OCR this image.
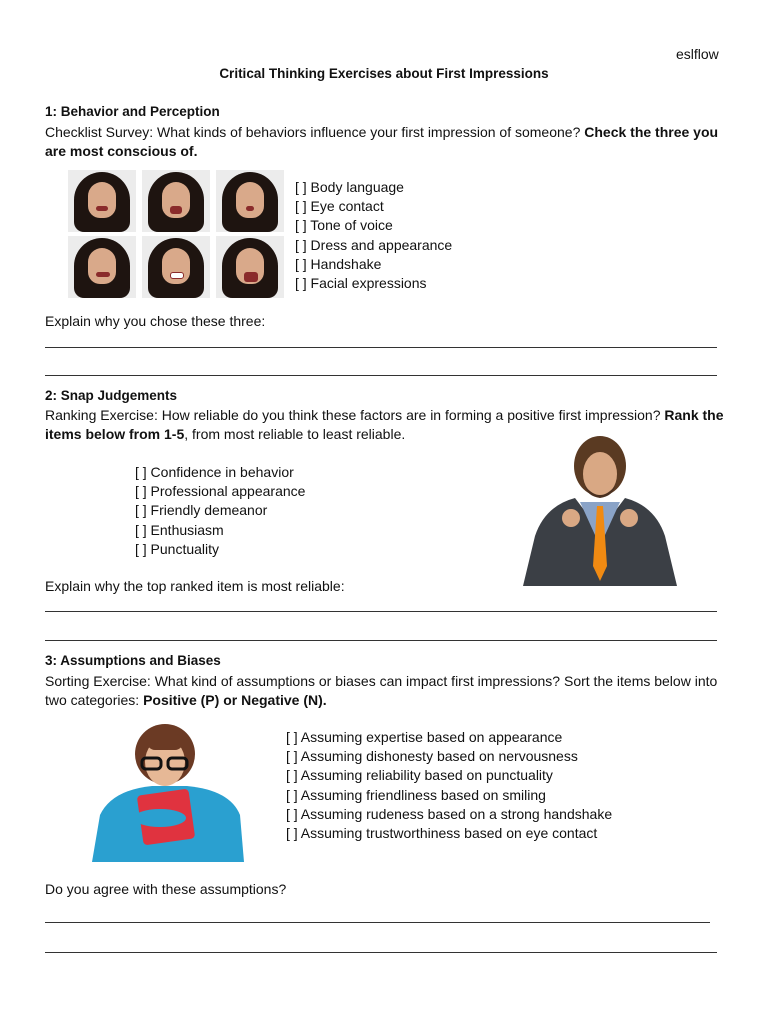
eslflow
Critical Thinking Exercises about First Impressions
1: Behavior and Perception
Checklist Survey: What kinds of behaviors influence your first impression of someone? Check the three you are most conscious of.
[ ] Body language
[ ] Eye contact
[ ] Tone of voice
[ ] Dress and appearance
[ ] Handshake
[ ] Facial expressions
Explain why you chose these three:
2: Snap Judgements
Ranking Exercise: How reliable do you think these factors are in forming a positive first impression? Rank the items below from 1-5, from most reliable to least reliable.
[ ] Confidence in behavior
[ ] Professional appearance
[ ] Friendly demeanor
[ ] Enthusiasm
[ ] Punctuality
Explain why the top ranked item is most reliable:
3: Assumptions and Biases
Sorting Exercise: What kind of assumptions or biases can impact first impressions? Sort the items below into two categories: Positive (P) or Negative (N).
[ ] Assuming expertise based on appearance
[ ] Assuming dishonesty based on nervousness
[ ] Assuming reliability based on punctuality
[ ] Assuming friendliness based on smiling
[ ] Assuming rudeness based on a strong handshake
[ ] Assuming trustworthiness based on eye contact
Do you agree with these assumptions?
